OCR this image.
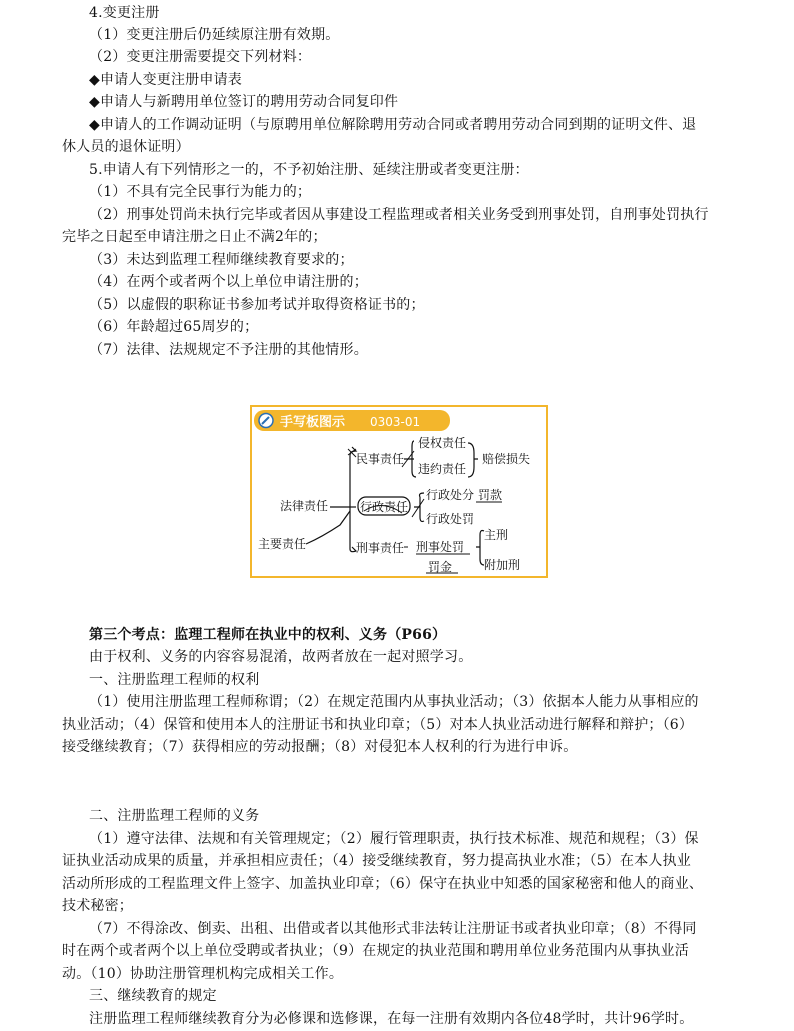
4.变更注册
（1）变更注册后仍延续原注册有效期。
（2）变更注册需要提交下列材料：
◆申请人变更注册申请表
◆申请人与新聘用单位签订的聘用劳动合同复印件
◆申请人的工作调动证明（与原聘用单位解除聘用劳动合同或者聘用劳动合同到期的证明文件、退
休人员的退休证明）
5.申请人有下列情形之一的，不予初始注册、延续注册或者变更注册：
（1）不具有完全民事行为能力的；
（2）刑事处罚尚未执行完毕或者因从事建设工程监理或者相关业务受到刑事处罚，自刑事处罚执行
完毕之日起至申请注册之日止不满2年的；
（3）未达到监理工程师继续教育要求的；
（4）在两个或者两个以上单位申请注册的；
（5）以虚假的职称证书参加考试并取得资格证书的；
（6）年龄超过65周岁的；
（7）法律、法规规定不予注册的其他情形。
手写板图示 0303-01
主要责任
法律责任
民事责任
侵权责任
违约责任
赔偿损失
行政责任
行政处分
行政处罚
罚款
刑事责任 刑事处罚
罚金
主刑
附加刑
第三个考点：监理工程师在执业中的权利、义务（P66）
由于权利、义务的内容容易混淆，故两者放在一起对照学习。
一、注册监理工程师的权利
（1）使用注册监理工程师称谓；（2）在规定范围内从事执业活动；（3）依据本人能力从事相应的
执业活动；（4）保管和使用本人的注册证书和执业印章；（5）对本人执业活动进行解释和辩护；（6）
接受继续教育；（7）获得相应的劳动报酬；（8）对侵犯本人权利的行为进行申诉。
二、注册监理工程师的义务
（1）遵守法律、法规和有关管理规定；（2）履行管理职责，执行技术标准、规范和规程；（3）保
证执业活动成果的质量，并承担相应责任；（4）接受继续教育，努力提高执业水准；（5）在本人执业
活动所形成的工程监理文件上签字、加盖执业印章；（6）保守在执业中知悉的国家秘密和他人的商业、
技术秘密；
（7）不得涂改、倒卖、出租、出借或者以其他形式非法转让注册证书或者执业印章；（8）不得同
时在两个或者两个以上单位受聘或者执业；（9）在规定的执业范围和聘用单位业务范围内从事执业活
动。（10）协助注册管理机构完成相关工作。
三、继续教育的规定
注册监理工程师继续教育分为必修课和选修课，在每一注册有效期内各位48学时，共计96学时。
